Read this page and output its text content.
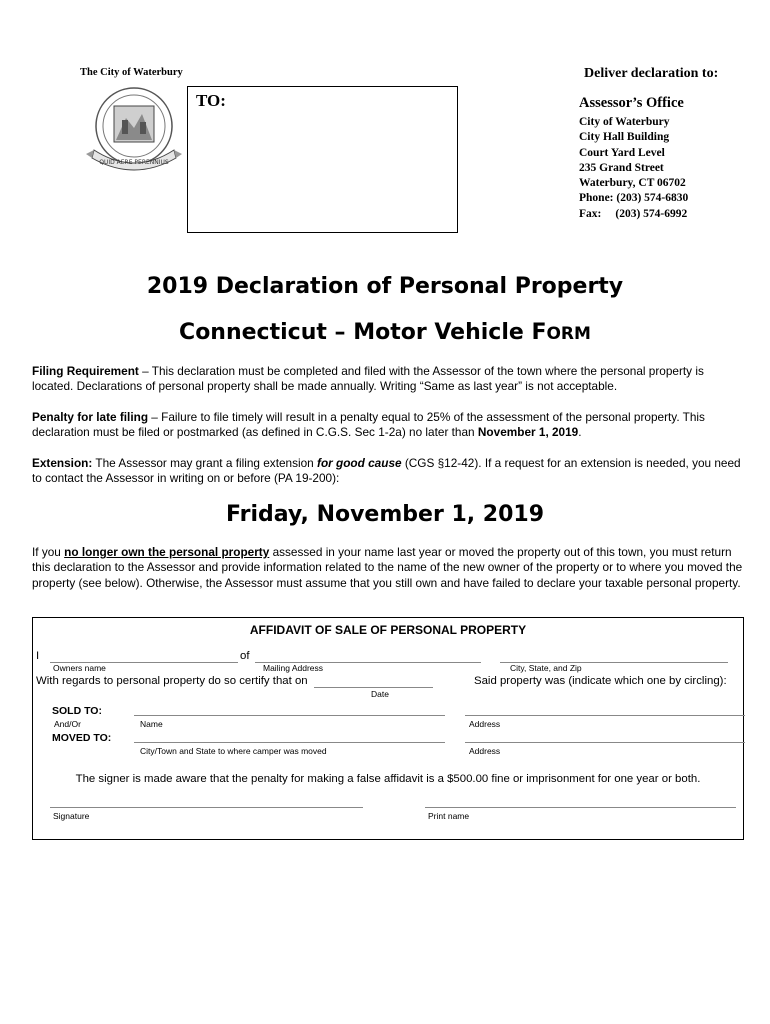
The City of Waterbury
QUID AERE PERENNIUS
TO:
Deliver declaration to:
Assessor’s Office
City of Waterbury
City Hall Building
Court Yard Level
235 Grand Street
Waterbury, CT 06702
Phone: (203) 574-6830
Fax: (203) 574-6992
2019 Declaration of Personal Property
Connecticut – Motor Vehicle FORM
Filing Requirement – This declaration must be completed and filed with the Assessor of the town where the personal property is located. Declarations of personal property shall be made annually. Writing “Same as last year” is not acceptable.
Penalty for late filing – Failure to file timely will result in a penalty equal to 25% of the assessment of the personal property. This declaration must be filed or postmarked (as defined in C.G.S. Sec 1-2a) no later than November 1, 2019.
Extension: The Assessor may grant a filing extension for good cause (CGS §12-42). If a request for an extension is needed, you need to contact the Assessor in writing on or before (PA 19-200):
Friday, November 1, 2019
If you no longer own the personal property assessed in your name last year or moved the property out of this town, you must return this declaration to the Assessor and provide information related to the name of the new owner of the property or to where you moved the property (see below). Otherwise, the Assessor must assume that you still own and have failed to declare your taxable personal property.
AFFIDAVIT OF SALE OF PERSONAL PROPERTY
I	of
Owners name	Mailing Address	City, State, and Zip
With regards to personal property do so certify that on
Date
Said property was (indicate which one by circling):
SOLD TO:
And/Or	Name	Address
MOVED TO:
City/Town and State to where camper was moved	Address
The signer is made aware that the penalty for making a false affidavit is a $500.00 fine or imprisonment for one year or both.
Signature	Print name
